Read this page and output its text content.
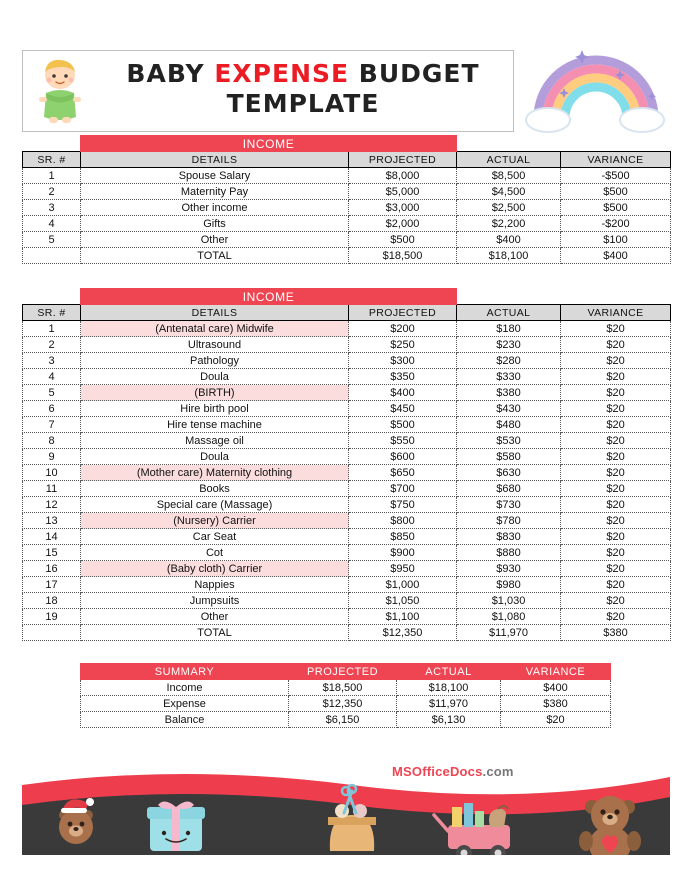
BABY EXPENSE BUDGET
TEMPLATE
	INCOME			
SR. #	DETAILS	PROJECTED	ACTUAL	VARIANCE
1	Spouse Salary	$8,000	$8,500	-$500
2	Maternity Pay	$5,000	$4,500	$500
3	Other income	$3,000	$2,500	$500
4	Gifts	$2,000	$2,200	-$200
5	Other	$500	$400	$100
	TOTAL	$18,500	$18,100	$400
	INCOME			
SR. #	DETAILS	PROJECTED	ACTUAL	VARIANCE
1	(Antenatal care) Midwife	$200	$180	$20
2	Ultrasound	$250	$230	$20
3	Pathology	$300	$280	$20
4	Doula	$350	$330	$20
5	(BIRTH)	$400	$380	$20
6	Hire birth pool	$450	$430	$20
7	Hire tense machine	$500	$480	$20
8	Massage oil	$550	$530	$20
9	Doula	$600	$580	$20
10	(Mother care) Maternity clothing	$650	$630	$20
11	Books	$700	$680	$20
12	Special care (Massage)	$750	$730	$20
13	(Nursery) Carrier	$800	$780	$20
14	Car Seat	$850	$830	$20
15	Cot	$900	$880	$20
16	(Baby cloth) Carrier	$950	$930	$20
17	Nappies	$1,000	$980	$20
18	Jumpsuits	$1,050	$1,030	$20
19	Other	$1,100	$1,080	$20
	TOTAL	$12,350	$11,970	$380
SUMMARY	PROJECTED	ACTUAL	VARIANCE
Income	$18,500	$18,100	$400
Expense	$12,350	$11,970	$380
Balance	$6,150	$6,130	$20
MSOfficeDocs.com
